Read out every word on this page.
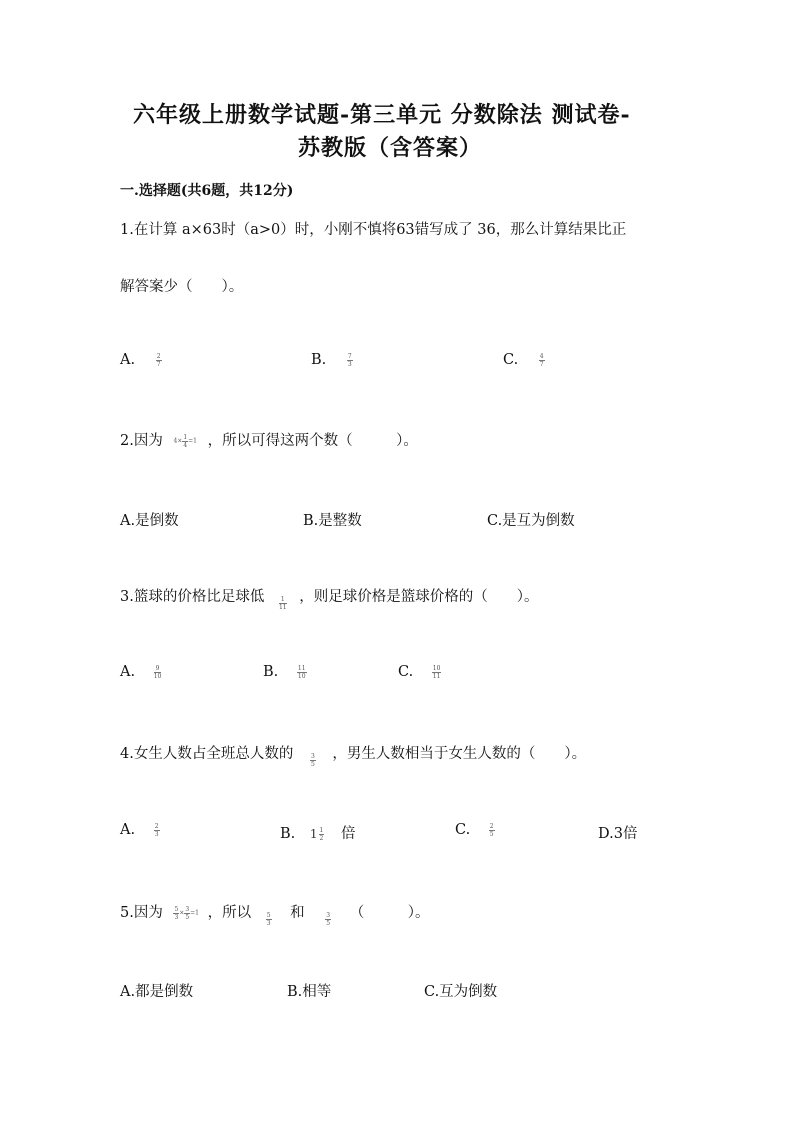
六年级上册数学试题-第三单元 分数除法 测试卷-
苏教版（含答案）
一.选择题(共6题，共12分)
1.在计算 a×63时（a>0）时，小刚不慎将63错写成了 36，那么计算结果比正
解答案少（　　）。
A.	$\frac{2}{7}$	B.	$\frac{7}{3}$	C.	$\frac{4}{7}$
2.因为 $4\times \frac{1}{4} =1$ ，所以可得这两个数（　　　）。
A.是倒数	B.是整数	C.是互为倒数
3.篮球的价格比足球低 $\frac{1}{11}$ ，则足球价格是篮球价格的（　　）。
A.	$\frac{9}{10}$	B.	$\frac{11}{10}$	C.	$\frac{10}{11}$
4.女生人数占全班总人数的	$\frac{3}{5}$ ，男生人数相当于女生人数的（　　）。
A.	$\frac{2}{3}$	B. $1 \frac{1}{2}$ 倍	C.	$\frac{2}{5}$	D.3倍
5.因为 $\frac{5}{3} \times \frac{3}{5} =1$ ，所以 $\frac{5}{3}$ 和	$\frac{3}{5}$ （　　　）。
A.都是倒数	B.相等	C.互为倒数
